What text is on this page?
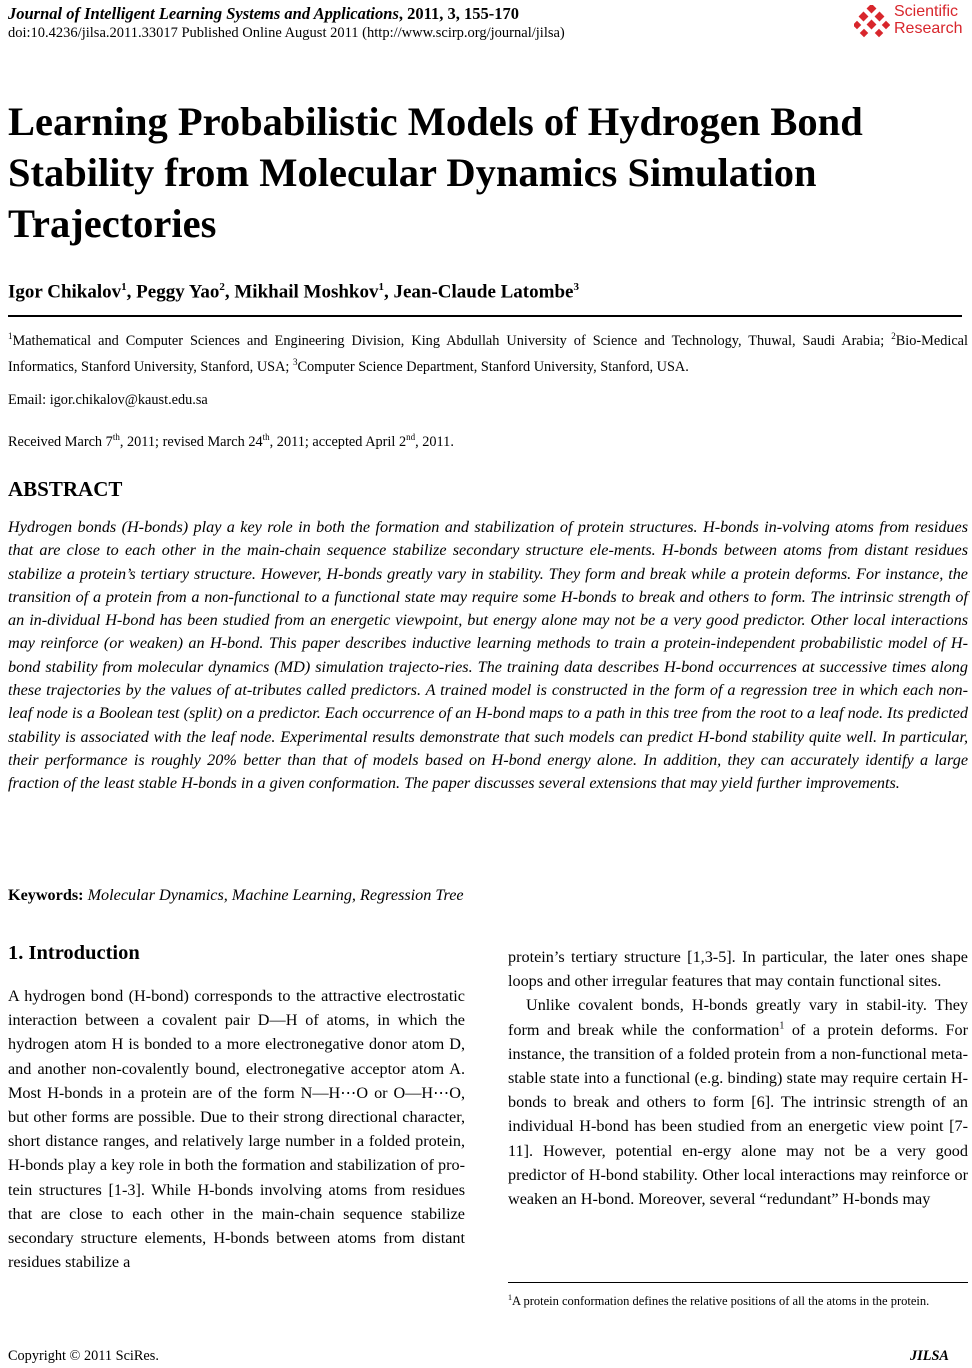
Journal of Intelligent Learning Systems and Applications, 2011, 3, 155-170
doi:10.4236/jilsa.2011.33017 Published Online August 2011 (http://www.scirp.org/journal/jilsa)
Scientific
Research
Learning Probabilistic Models of Hydrogen Bond Stability from Molecular Dynamics Simulation Trajectories
Igor Chikalov$^1$, Peggy Yao$^2$, Mikhail Moshkov$^1$, Jean-Claude Latombe$^3$
$^1$Mathematical and Computer Sciences and Engineering Division, King Abdullah University of Science and Technology, Thuwal, Saudi Arabia; $^2$Bio-Medical Informatics, Stanford University, Stanford, USA; $^3$Computer Science Department, Stanford University, Stanford, USA.
Email: igor.chikalov@kaust.edu.sa
Received March 7th, 2011; revised March 24th, 2011; accepted April 2nd, 2011.
ABSTRACT
Hydrogen bonds (H-bonds) play a key role in both the formation and stabilization of protein structures. H-bonds in-volving atoms from residues that are close to each other in the main-chain sequence stabilize secondary structure ele-ments. H-bonds between atoms from distant residues stabilize a protein’s tertiary structure. However, H-bonds greatly vary in stability. They form and break while a protein deforms. For instance, the transition of a protein from a non-functional to a functional state may require some H-bonds to break and others to form. The intrinsic strength of an in-dividual H-bond has been studied from an energetic viewpoint, but energy alone may not be a very good predictor. Other local interactions may reinforce (or weaken) an H-bond. This paper describes inductive learning methods to train a protein-independent probabilistic model of H-bond stability from molecular dynamics (MD) simulation trajecto-ries. The training data describes H-bond occurrences at successive times along these trajectories by the values of at-tributes called predictors. A trained model is constructed in the form of a regression tree in which each non-leaf node is a Boolean test (split) on a predictor. Each occurrence of an H-bond maps to a path in this tree from the root to a leaf node. Its predicted stability is associated with the leaf node. Experimental results demonstrate that such models can predict H-bond stability quite well. In particular, their performance is roughly 20% better than that of models based on H-bond energy alone. In addition, they can accurately identify a large fraction of the least stable H-bonds in a given conformation. The paper discusses several extensions that may yield further improvements.
Keywords: Molecular Dynamics, Machine Learning, Regression Tree
1. Introduction
A hydrogen bond (H-bond) corresponds to the attractive electrostatic interaction between a covalent pair D—H of atoms, in which the hydrogen atom H is bonded to a more electronegative donor atom D, and another non-covalently bound, electronegative acceptor atom A. Most H-bonds in a protein are of the form N—H⋯O or O—H⋯O, but other forms are possible. Due to their strong directional character, short distance ranges, and relatively large number in a folded protein, H-bonds play a key role in both the formation and stabilization of pro-tein structures [1-3]. While H-bonds involving atoms from residues that are close to each other in the main-chain sequence stabilize secondary structure elements, H-bonds between atoms from distant residues stabilize a

protein’s tertiary structure [1,3-5]. In particular, the later ones shape loops and other irregular features that may contain functional sites.

Unlike covalent bonds, H-bonds greatly vary in stabil-ity. They form and break while the conformation$^1$ of a protein deforms. For instance, the transition of a folded protein from a non-functional meta-stable state into a functional (e.g. binding) state may require certain H-bonds to break and others to form [6]. The intrinsic strength of an individual H-bond has been studied from an energetic view point [7-11]. However, potential en-ergy alone may not be a very good predictor of H-bond stability. Other local interactions may reinforce or weaken an H-bond. Moreover, several “redundant” H-bonds may

$^1$A protein conformation defines the relative positions of all the atoms in the protein.
Copyright © 2011 SciRes.	JILSA
